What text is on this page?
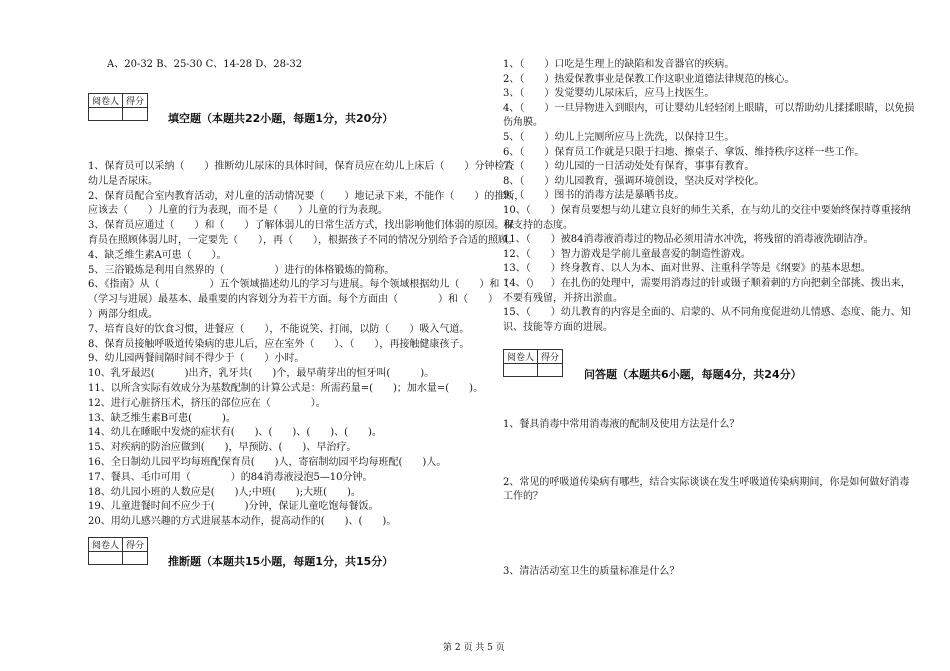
A、20-32 B、25-30 C、14-28 D、28-32
阅卷人	得分

填空题（本题共22小题，每题1分，共20分）
1、保育员可以采纳（　　）推断幼儿尿床的具体时间，保育员应在幼儿上床后（　　）分钟检查
幼儿是否尿床。
2、保育员配合室内教育活动，对儿童的活动情况要（　　）地记录下来，不能作（　　）的推断，
应该去（　　）儿童的行为表现，而不是（　　）儿童的行为表现。
3、保育员应通过（　　）和（　　）了解体弱儿的日常生活方式，找出影响他们体弱的原因。保
育员在照顾体弱儿时，一定要先（　　），再（　　），根据孩子不同的情况分别给予合适的照顾。
4、缺乏维生素A可患（　　）。
5、三浴锻炼是利用自然界的（　　　　　）进行的体格锻炼的简称。
6、《指南》从（　　　　　）五个领域描述幼儿的学习与进展。每个领域根据幼儿（　　）和（　　）
（学习与进展）最基本、最重要的内容划分为若干方面。每个方面由（　　　　）和（　　）
）两部分组成。
7、培育良好的饮食习惯，进餐应（　　），不能说笑、打闹，以防（　　）吸入气道。
8、保育员接触呼吸道传染病的患儿后，应在室外（　　）、（　　），再接触健康孩子。
9、幼儿园两餐间隔时间不得少于（　　）小时。
10、乳牙最迟(　　　)出齐，乳牙共(　　)个，最早萌芽出的恒牙叫(　　　)。
11、以所含实际有效成分为基数配制的计算公式是：所需药量=(　　)；加水量=(　　)。
12、进行心脏挤压术，挤压的部位应在（　　　　）。
13、缺乏维生素B可患(　　　)。
14、幼儿在睡眠中发烧的症状有(　　)、(　　)、(　　)、(　　)。
15、对疾病的防治应做到(　　)，早预防、(　　)、早治疗。
16、全日制幼儿园平均每班配保育员(　　)人，寄宿制幼园平均每班配(　　)人。
17、餐具、毛巾可用（　　　　）的84消毒液浸泡5—10分钟。
18、幼儿园小班的人数应是(　　)人;中班(　　);大班(　　)。
19、儿童进餐时间不应少于(　　　)分钟，保证儿童吃饱每餐饭。
20、用幼儿感兴趣的方式进展基本动作，提高动作的(　　)、(　　)。
阅卷人	得分

推断题（本题共15小题，每题1分，共15分）
1、（　　）口吃是生理上的缺陷和发音器官的疾病。
2、（　　）热爱保教事业是保教工作这职业道德法律规范的核心。
3、（　　）发觉婴幼儿尿床后，应马上找医生。
4、（　　）一旦异物进入到眼内，可让婴幼儿轻轻闭上眼睛，可以帮助幼儿揉揉眼睛，以免损
伤角膜。
5、（　　）幼儿上完厕所应马上洗洗，以保持卫生。
6、（　　）保育员工作就是只限于扫地、擦桌子、拿饭、维持秩序这样一些工作。
7、（　　）幼儿园的一日活动处处有保育，事事有教育。
8、（　　）幼儿园教育，强调环境创设，坚决反对学校化。
9、（　　）图书的消毒方法是暴晒书皮。
10、（　　）保育员要想与幼儿建立良好的师生关系，在与幼儿的交往中要始终保持尊重接纳
和支持的态度。
11、（　　）被84消毒液消毒过的物品必须用清水冲洗，将残留的消毒液洗刷洁净。
12、（　　）智力游戏是学前儿童最喜爱的制造性游戏。
13、（　　）终身教育、以人为本、面对世界、注重科学等是《纲要》的基本思想。
14、（　　）在扎伤的处理中，需要用消毒过的针或镊子顺着刺的方向把刺全部挑、拨出来，
不要有残留，并挤出淤血。
15、（　　）幼儿教育的内容是全面的、启蒙的、从不同角度促进幼儿情感、态度、能力、知
识、技能等方面的进展。
阅卷人	得分

问答题（本题共6小题，每题4分，共24分）
1、餐具消毒中常用消毒液的配制及使用方法是什么？
2、常见的呼吸道传染病有哪些，结合实际谈谈在发生呼吸道传染病期间，你是如何做好消毒
工作的？
3、清洁活动室卫生的质量标准是什么？
第 2 页 共 5 页
